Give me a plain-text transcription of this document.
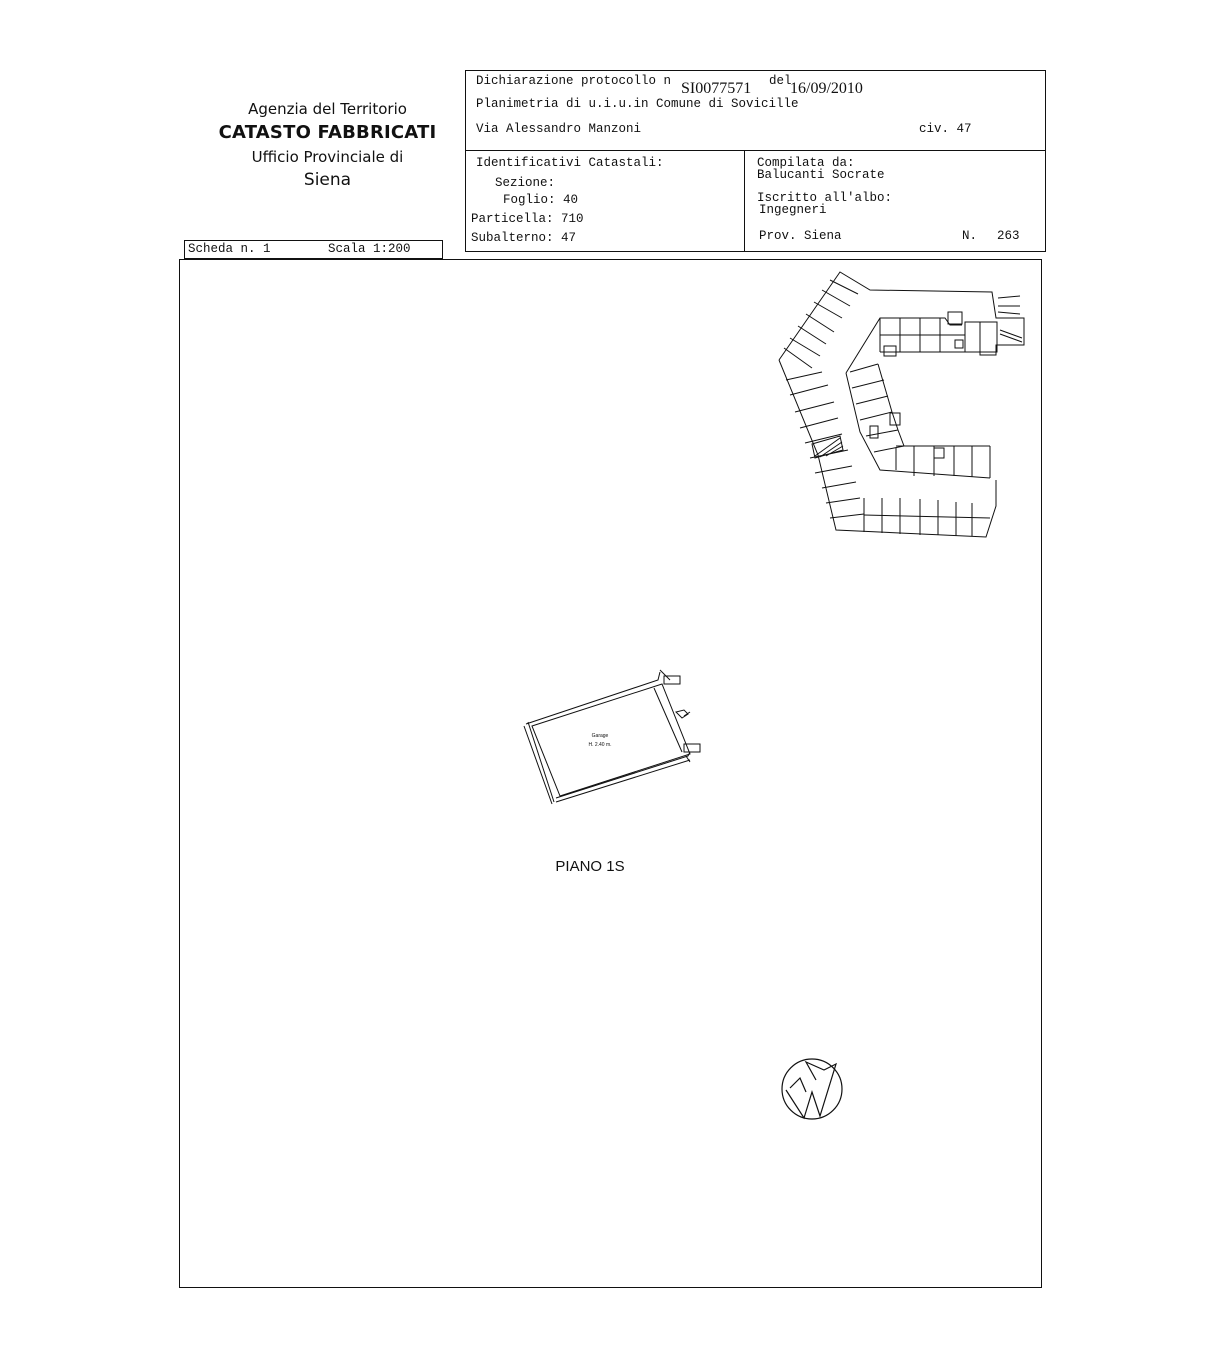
Agenzia del Territorio
CATASTO FABBRICATI
Ufficio Provinciale di
Siena
Dichiarazione protocollo n SI0077571 del
16/09/2010
Planimetria di u.i.u.in Comune di Sovicille
Via Alessandro Manzoni	civ. 47
Identificativi Catastali:
Sezione:
Foglio: 40
Particella: 710
Subalterno: 47
Compilata da:
Balucanti Socrate
Iscritto all'albo:
Ingegneri
Prov. Siena	N. 263
Scheda n. 1	Scala 1:200
Garage
H. 2.40 m.
PIANO 1S
